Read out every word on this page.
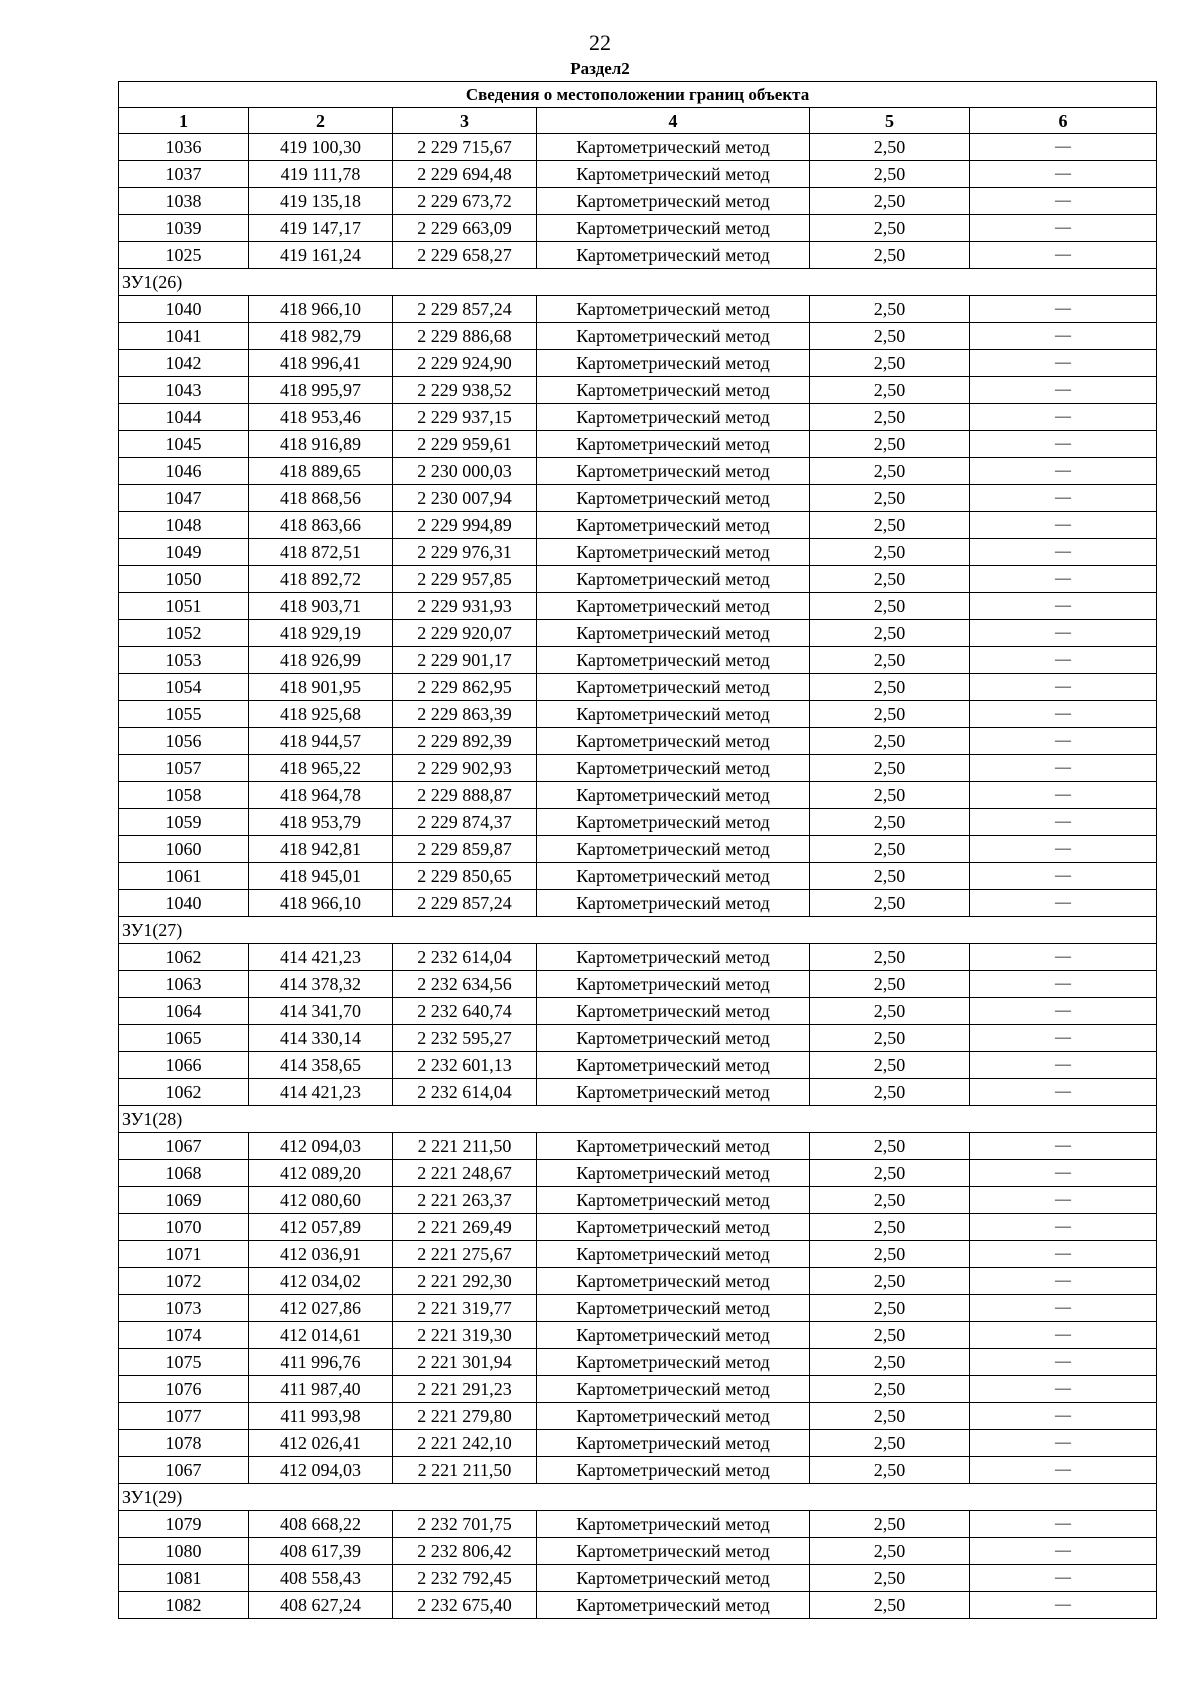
22
Раздел2
Сведения о местоположении границ объекта					
1	2	3	4	5	6
1036	419 100,30	2 229 715,67	Картометрический метод	2,50	—
1037	419 111,78	2 229 694,48	Картометрический метод	2,50	—
1038	419 135,18	2 229 673,72	Картометрический метод	2,50	—
1039	419 147,17	2 229 663,09	Картометрический метод	2,50	—
1025	419 161,24	2 229 658,27	Картометрический метод	2,50	—
ЗУ1(26)					
1040	418 966,10	2 229 857,24	Картометрический метод	2,50	—
1041	418 982,79	2 229 886,68	Картометрический метод	2,50	—
1042	418 996,41	2 229 924,90	Картометрический метод	2,50	—
1043	418 995,97	2 229 938,52	Картометрический метод	2,50	—
1044	418 953,46	2 229 937,15	Картометрический метод	2,50	—
1045	418 916,89	2 229 959,61	Картометрический метод	2,50	—
1046	418 889,65	2 230 000,03	Картометрический метод	2,50	—
1047	418 868,56	2 230 007,94	Картометрический метод	2,50	—
1048	418 863,66	2 229 994,89	Картометрический метод	2,50	—
1049	418 872,51	2 229 976,31	Картометрический метод	2,50	—
1050	418 892,72	2 229 957,85	Картометрический метод	2,50	—
1051	418 903,71	2 229 931,93	Картометрический метод	2,50	—
1052	418 929,19	2 229 920,07	Картометрический метод	2,50	—
1053	418 926,99	2 229 901,17	Картометрический метод	2,50	—
1054	418 901,95	2 229 862,95	Картометрический метод	2,50	—
1055	418 925,68	2 229 863,39	Картометрический метод	2,50	—
1056	418 944,57	2 229 892,39	Картометрический метод	2,50	—
1057	418 965,22	2 229 902,93	Картометрический метод	2,50	—
1058	418 964,78	2 229 888,87	Картометрический метод	2,50	—
1059	418 953,79	2 229 874,37	Картометрический метод	2,50	—
1060	418 942,81	2 229 859,87	Картометрический метод	2,50	—
1061	418 945,01	2 229 850,65	Картометрический метод	2,50	—
1040	418 966,10	2 229 857,24	Картометрический метод	2,50	—
ЗУ1(27)					
1062	414 421,23	2 232 614,04	Картометрический метод	2,50	—
1063	414 378,32	2 232 634,56	Картометрический метод	2,50	—
1064	414 341,70	2 232 640,74	Картометрический метод	2,50	—
1065	414 330,14	2 232 595,27	Картометрический метод	2,50	—
1066	414 358,65	2 232 601,13	Картометрический метод	2,50	—
1062	414 421,23	2 232 614,04	Картометрический метод	2,50	—
ЗУ1(28)					
1067	412 094,03	2 221 211,50	Картометрический метод	2,50	—
1068	412 089,20	2 221 248,67	Картометрический метод	2,50	—
1069	412 080,60	2 221 263,37	Картометрический метод	2,50	—
1070	412 057,89	2 221 269,49	Картометрический метод	2,50	—
1071	412 036,91	2 221 275,67	Картометрический метод	2,50	—
1072	412 034,02	2 221 292,30	Картометрический метод	2,50	—
1073	412 027,86	2 221 319,77	Картометрический метод	2,50	—
1074	412 014,61	2 221 319,30	Картометрический метод	2,50	—
1075	411 996,76	2 221 301,94	Картометрический метод	2,50	—
1076	411 987,40	2 221 291,23	Картометрический метод	2,50	—
1077	411 993,98	2 221 279,80	Картометрический метод	2,50	—
1078	412 026,41	2 221 242,10	Картометрический метод	2,50	—
1067	412 094,03	2 221 211,50	Картометрический метод	2,50	—
ЗУ1(29)					
1079	408 668,22	2 232 701,75	Картометрический метод	2,50	—
1080	408 617,39	2 232 806,42	Картометрический метод	2,50	—
1081	408 558,43	2 232 792,45	Картометрический метод	2,50	—
1082	408 627,24	2 232 675,40	Картометрический метод	2,50	—
